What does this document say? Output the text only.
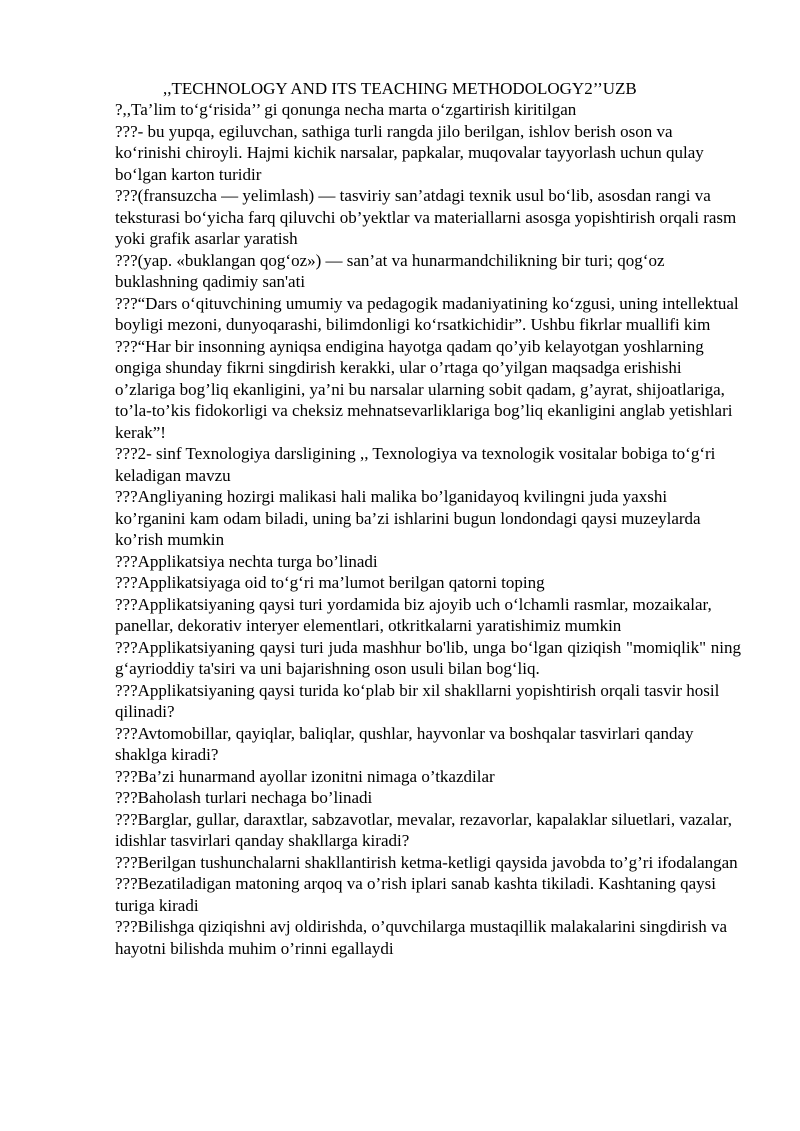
,,TECHNOLOGY AND ITS TEACHING METHODOLOGY2’’UZB

?,,Ta’lim to‘g‘risida’’ gi qonunga necha marta o‘zgartirish kiritilgan

???- bu yupqa, egiluvchan, sathiga turli rangda jilo berilgan, ishlov berish oson va ko‘rinishi chiroyli. Hajmi kichik narsalar, papkalar, muqovalar tayyorlash uchun qulay bo‘lgan karton turidir

???(fransuzcha — yelimlash) — tasviriy san’atdagi texnik usul bo‘lib, asosdan rangi va teksturasi bo‘yicha farq qiluvchi ob’yektlar va materiallarni asosga yopishtirish orqali rasm yoki grafik asarlar yaratish

???(yap. «buklangan qog‘oz») — san’at va hunarmandchilikning bir turi; qog‘oz buklashning qadimiy san'ati

???“Dars o‘qituvchining umumiy va pedagogik madaniyatining ko‘zgusi, uning intellektual boyligi mezoni, dunyoqarashi, bilimdonligi ko‘rsatkichidir”. Ushbu fikrlar muallifi kim

???“Har bir insonning ayniqsa endigina hayotga qadam qo’yib kelayotgan yoshlarning ongiga shunday fikrni singdirish kerakki, ular o’rtaga qo’yilgan maqsadga erishishi o’zlariga bog’liq ekanligini, ya’ni bu narsalar ularning sobit qadam, g’ayrat, shijoatlariga, to’la-to’kis fidokorligi va cheksiz mehnatsevarliklariga bog’liq ekanligini anglab yetishlari kerak”!

???2- sinf Texnologiya darsligining ,, Texnologiya va texnologik vositalar bobiga to‘g‘ri keladigan mavzu

???Angliyaning hozirgi malikasi hali malika bo’lganidayoq kvilingni juda yaxshi ko’rganini kam odam biladi, uning ba’zi ishlarini bugun londondagi qaysi muzeylarda ko’rish mumkin

???Applikatsiya nechta turga bo’linadi

???Applikatsiyaga oid to‘g‘ri ma’lumot berilgan qatorni toping

???Applikatsiyaning qaysi turi yordamida biz ajoyib uch o‘lchamli rasmlar, mozaikalar, panellar, dekorativ interyer elementlari, otkritkalarni yaratishimiz mumkin

???Applikatsiyaning qaysi turi juda mashhur bo'lib, unga bo‘lgan qiziqish "momiqlik" ning g‘ayrioddiy ta'siri va uni bajarishning oson usuli bilan bog‘liq.

???Applikatsiyaning qaysi turida ko‘plab bir xil shakllarni yopishtirish orqali tasvir hosil qilinadi?

???Avtomobillar, qayiqlar, baliqlar, qushlar, hayvonlar va boshqalar tasvirlari qanday shaklga kiradi?

???Ba’zi hunarmand ayollar izonitni nimaga o’tkazdilar

???Baholash turlari nechaga bo’linadi

???Barglar, gullar, daraxtlar, sabzavotlar, mevalar, rezavorlar, kapalaklar siluetlari, vazalar, idishlar tasvirlari qanday shakllarga kiradi?

???Berilgan tushunchalarni shakllantirish ketma-ketligi qaysida javobda to’g’ri ifodalangan

???Bezatiladigan matoning arqoq va o’rish iplari sanab kashta tikiladi. Kashtaning qaysi turiga kiradi

???Bilishga qiziqishni avj oldirishda, o’quvchilarga mustaqillik malakalarini singdirish va hayotni bilishda muhim o’rinni egallaydi
